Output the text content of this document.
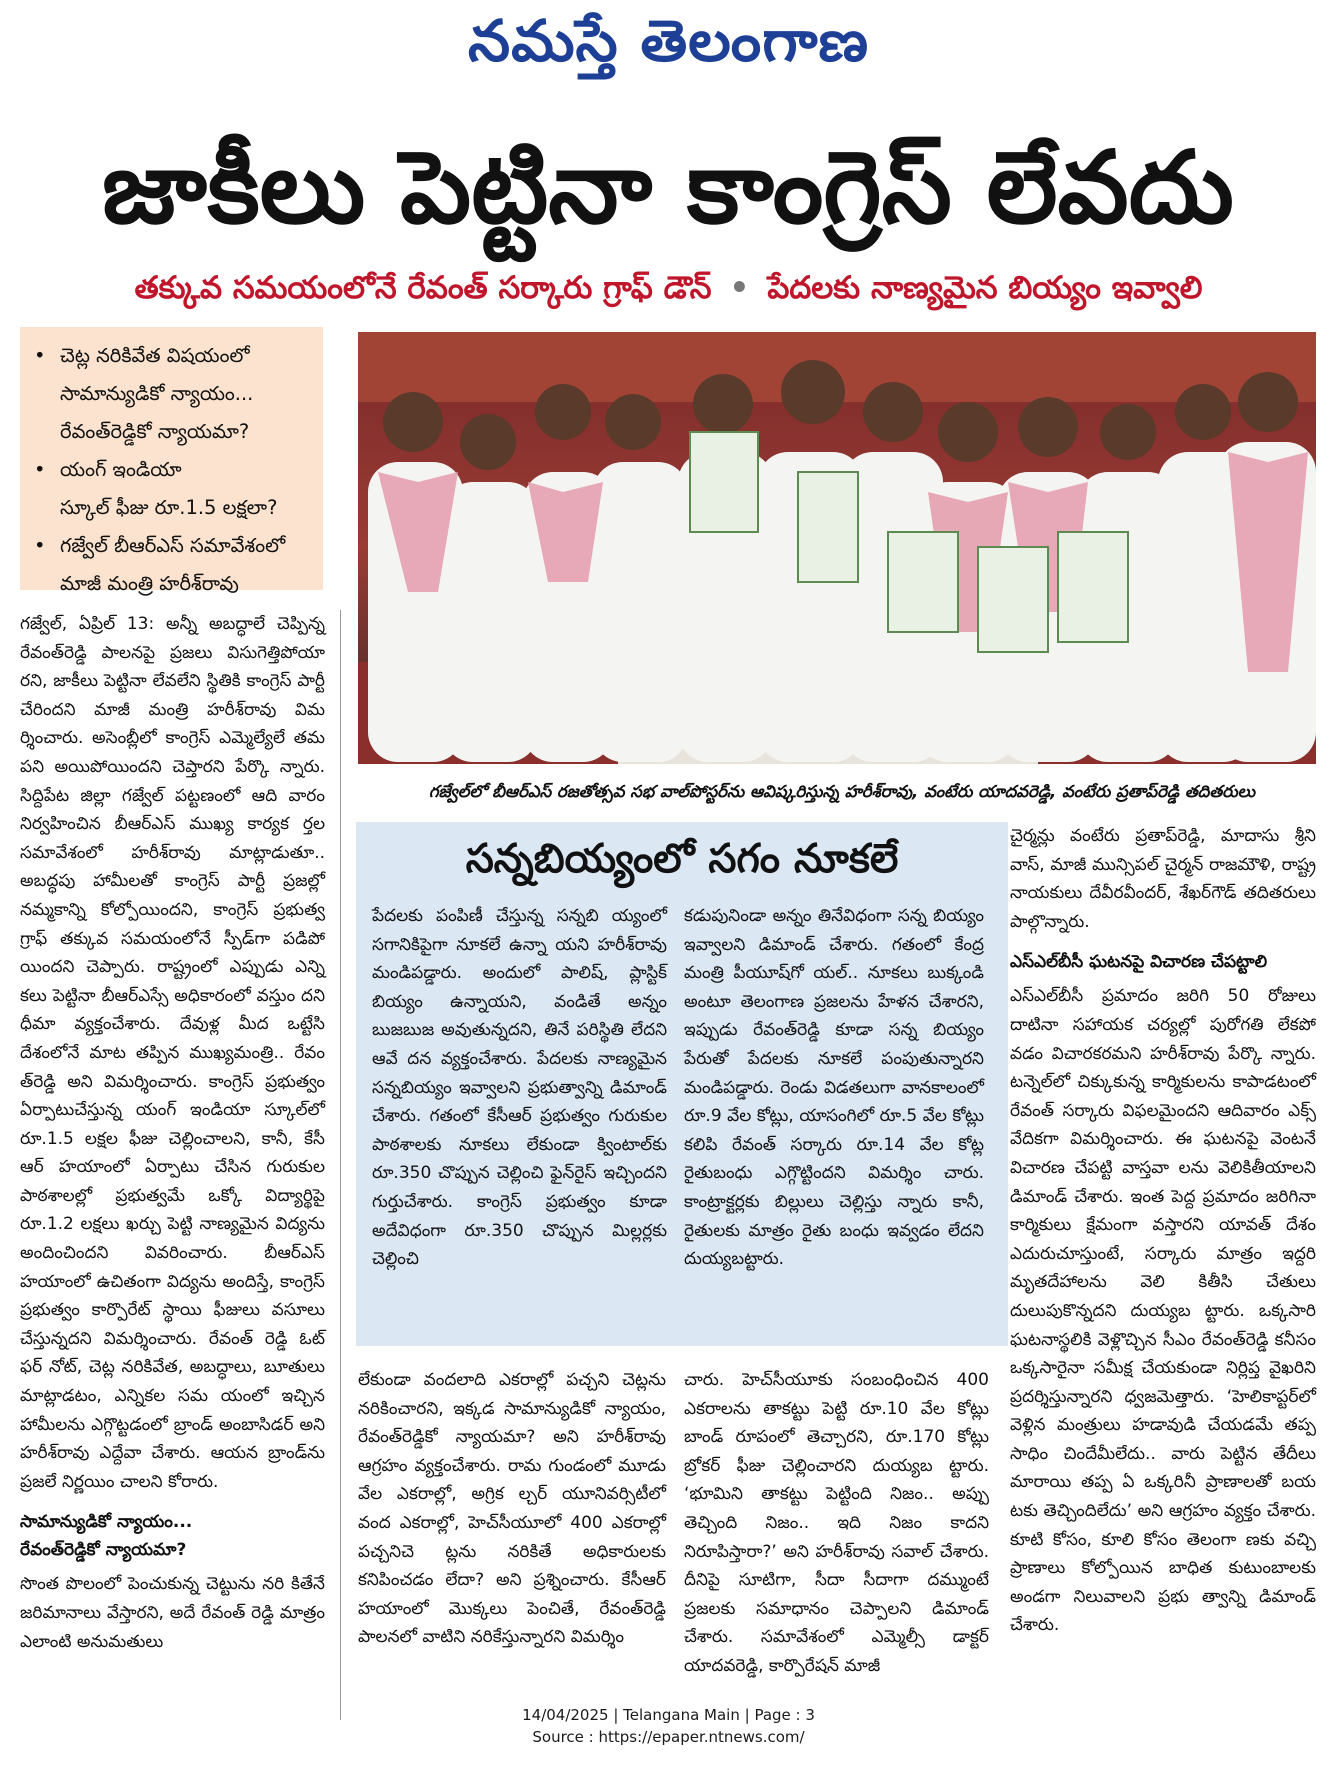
నమస్తే తెలంగాణ
జాకీలు పెట్టినా కాంగ్రెస్ లేవదు
తక్కువ సమయంలోనే రేవంత్ సర్కారు గ్రాఫ్ డౌన్ • పేదలకు నాణ్యమైన బియ్యం ఇవ్వాలి
• చెట్ల నరికివేత విషయంలో
సామాన్యుడికో న్యాయం...
రేవంత్‌రెడ్డికో న్యాయమా?
• యంగ్ ఇండియా
స్కూల్ ఫీజు రూ.1.5 లక్షలా?
• గజ్వేల్ బీఆర్ఎస్ సమావేశంలో
మాజీ మంత్రి హరీశ్‌రావు
గజ్వేల్‌లో బీఆర్ఎస్ రజతోత్సవ సభ వాల్‌పోస్టర్‌ను ఆవిష్కరిస్తున్న హరీశ్‌రావు, వంటేరు యాదవరెడ్డి, వంటేరు ప్రతాప్‌రెడ్డి తదితరులు

గజ్వేల్, ఏప్రిల్ 13: అన్నీ అబద్ధాలే చెప్పిన్న రేవంత్‌రెడ్డి పాలనపై ప్రజలు విసుగెత్తిపోయా రని, జాకీలు పెట్టినా లేవలేని స్థితికి కాంగ్రెస్ పార్టీ చేరిందని మాజీ మంత్రి హరీశ్‌రావు విమ ర్శించారు. అసెంబ్లీలో కాంగ్రెస్ ఎమ్మెల్యేలే తమ పని అయిపోయిందని చెప్తారని పేర్కొ న్నారు. సిద్దిపేట జిల్లా గజ్వేల్ పట్టణంలో ఆది వారం నిర్వహించిన బీఆర్ఎస్ ముఖ్య కార్యక ర్తల సమావేశంలో హరీశ్‌రావు మాట్లాడుతూ.. అబద్ధపు హామీలతో కాంగ్రెస్ పార్టీ ప్రజల్లో నమ్మకాన్ని కోల్పోయిందని, కాంగ్రెస్ ప్రభుత్వ గ్రాఫ్ తక్కువ సమయంలోనే స్పీడ్‌గా పడిపో యిందని చెప్పారు. రాష్ట్రంలో ఎప్పుడు ఎన్ని కలు పెట్టినా బీఆర్ఎస్సే అధికారంలో వస్తుం దని ధీమా వ్యక్తంచేశారు. దేవుళ్ల మీద ఒట్టేసి దేశంలోనే మాట తప్పిన ముఖ్యమంత్రి.. రేవం త్‌రెడ్డి అని విమర్శించారు. కాంగ్రెస్ ప్రభుత్వం ఏర్పాటుచేస్తున్న యంగ్ ఇండియా స్కూల్‌లో రూ.1.5 లక్షల ఫీజు చెల్లించాలని, కానీ, కేసీ ఆర్ హయాంలో ఏర్పాటు చేసిన గురుకుల పాఠశాలల్లో ప్రభుత్వమే ఒక్కో విద్యార్థిపై రూ.1.2 లక్షలు ఖర్చు పెట్టి నాణ్యమైన విద్యను అందించిందని వివరించారు. బీఆర్ఎస్ హయాంలో ఉచితంగా విద్యను అందిస్తే, కాంగ్రెస్ ప్రభుత్వం కార్పొరేట్ స్థాయి ఫీజులు వసూలు చేస్తున్నదని విమర్శించారు. రేవంత్ రెడ్డి ఓట్ ఫర్ నోట్, చెట్ల నరికివేత, అబద్ధాలు, బూతులు మాట్లాడటం, ఎన్నికల సమ యంలో ఇచ్చిన హామీలను ఎగ్గొట్టడంలో బ్రాండ్ అంబాసిడర్ అని హరీశ్‌రావు ఎద్దేవా చేశారు. ఆయన బ్రాండ్‌ను ప్రజలే నిర్ణయిం చాలని కోరారు.

సామాన్యుడికో న్యాయం...

రేవంత్‌రెడ్డికో న్యాయమా?

సొంత పొలంలో పెంచుకున్న చెట్టును నరి కితేనే జరిమానాలు వేస్తారని, అదే రేవంత్ రెడ్డి మాత్రం ఎలాంటి అనుమతులు

సన్నబియ్యంలో సగం నూకలే
పేదలకు పంపిణీ చేస్తున్న సన్నబి య్యంలో సగానికిపైగా నూకలే ఉన్నా యని హరీశ్‌రావు మండిపడ్డారు. అందులో పాలిష్, ప్లాస్టిక్ బియ్యం ఉన్నాయని, వండితే అన్నం బుజబుజ అవుతున్నదని, తినే పరిస్థితి లేదని ఆవే దన వ్యక్తంచేశారు. పేదలకు నాణ్యమైన సన్నబియ్యం ఇవ్వాలని ప్రభుత్వాన్ని డిమాండ్ చేశారు. గతంలో కేసీఆర్ ప్రభుత్వం గురుకుల పాఠశాలకు నూకలు లేకుండా క్వింటాల్‌కు రూ.350 చొప్పున చెల్లించి ఫైన్‌రైస్ ఇచ్చిందని గుర్తుచేశారు. కాంగ్రెస్ ప్రభుత్వం కూడా అదేవిధంగా రూ.350 చొప్పున మిల్లర్లకు చెల్లించి
కడుపునిండా అన్నం తినేవిధంగా సన్న బియ్యం ఇవ్వాలని డిమాండ్ చేశారు. గతంలో కేంద్ర మంత్రి పీయూష్‌గో యల్.. నూకలు బుక్కండి అంటూ తెలంగాణ ప్రజలను హేళన చేశారని, ఇప్పుడు రేవంత్‌రెడ్డి కూడా సన్న బియ్యం పేరుతో పేదలకు నూకలే పంపుతున్నారని మండిపడ్డారు. రెండు విడతలుగా వానకాలంలో రూ.9 వేల కోట్లు, యాసంగిలో రూ.5 వేల కోట్లు కలిపి రేవంత్ సర్కారు రూ.14 వేల కోట్ల రైతుబంధు ఎగ్గొట్టిందని విమర్శిం చారు. కాంట్రాక్టర్లకు బిల్లులు చెల్లిస్తు న్నారు కానీ, రైతులకు మాత్రం రైతు బంధు ఇవ్వడం లేదని దుయ్యబట్టారు.
లేకుండా వందలాది ఎకరాల్లో పచ్చని చెట్లను నరికించారని, ఇక్కడ సామాన్యుడికో న్యాయం, రేవంత్‌రెడ్డికో న్యాయమా? అని హరీశ్‌రావు ఆగ్రహం వ్యక్తంచేశారు. రామ గుండంలో మూడు వేల ఎకరాల్లో, అగ్రిక ల్చర్ యూనివర్సిటీలో వంద ఎకరాల్లో, హెచ్‌సీయూలో 400 ఎకరాల్లో పచ్చనిచె ట్లను నరికితే అధికారులకు కనిపించడం లేదా? అని ప్రశ్నించారు. కేసీఆర్ హయాంలో మొక్కలు పెంచితే, రేవంత్‌రెడ్డి పాలనలో వాటిని నరికేస్తున్నారని విమర్శిం
చారు. హెచ్‌సీయూకు సంబంధించిన 400 ఎకరాలను తాకట్టు పెట్టి రూ.10 వేల కోట్లు బాండ్ రూపంలో తెచ్చారని, రూ.170 కోట్లు బ్రోకర్ ఫీజు చెల్లించారని దుయ్యబ ట్టారు. ‘భూమిని తాకట్టు పెట్టింది నిజం.. అప్పు తెచ్చింది నిజం.. ఇది నిజం కాదని నిరూపిస్తారా?’ అని హరీశ్‌రావు సవాల్ చేశారు. దీనిపై సూటిగా, సీదా సీదాగా దమ్ముంటే ప్రజలకు సమాధానం చెప్పాలని డిమాండ్ చేశారు. సమావేశంలో ఎమ్మెల్సీ డాక్టర్ యాదవరెడ్డి, కార్పొరేషన్ మాజీ

చైర్మన్లు వంటేరు ప్రతాప్‌రెడ్డి, మాదాసు శ్రీని వాస్, మాజీ మున్సిపల్ చైర్మన్ రాజమౌళి, రాష్ట్ర నాయకులు దేవీరవీందర్, శేఖర్‌గౌడ్ తదితరులు పాల్గొన్నారు.

ఎస్ఎల్‌బీసీ ఘటనపై విచారణ చేపట్టాలి

ఎస్ఎల్‌బీసీ ప్రమాదం జరిగి 50 రోజులు దాటినా సహాయక చర్యల్లో పురోగతి లేకపో వడం విచారకరమని హరీశ్‌రావు పేర్కొ న్నారు. టన్నెల్‌లో చిక్కుకున్న కార్మికులను కాపాడటంలో రేవంత్ సర్కారు విఫలమైందని ఆదివారం ఎక్స్ వేదికగా విమర్శించారు. ఈ ఘటనపై వెంటనే విచారణ చేపట్టి వాస్తవా లను వెలికితీయాలని డిమాండ్ చేశారు. ఇంత పెద్ద ప్రమాదం జరిగినా కార్మికులు క్షేమంగా వస్తారని యావత్ దేశం ఎదురుచూస్తుంటే, సర్కారు మాత్రం ఇద్దరి మృతదేహాలను వెలి కితీసి చేతులు దులుపుకొన్నదని దుయ్యబ ట్టారు. ఒక్కసారి ఘటనాస్థలికి వెళ్లొచ్చిన సీఎం రేవంత్‌రెడ్డి కనీసం ఒక్కసారైనా సమీక్ష చేయకుండా నిర్లిప్త వైఖరిని ప్రదర్శిస్తున్నారని ధ్వజమెత్తారు. ‘హెలికాప్టర్‌లో వెళ్లిన మంత్రులు హడావుడి చేయడమే తప్ప సాధిం చిందేమీలేదు.. వారు పెట్టిన తేదీలు మారాయి తప్ప ఏ ఒక్కరినీ ప్రాణాలతో బయ టకు తెచ్చిందిలేదు’ అని ఆగ్రహం వ్యక్తం చేశారు. కూటి కోసం, కూలి కోసం తెలంగా ణకు వచ్చి ప్రాణాలు కోల్పోయిన బాధిత కుటుంబాలకు అండగా నిలువాలని ప్రభు త్వాన్ని డిమాండ్ చేశారు.

14/04/2025 | Telangana Main | Page : 3
Source : https://epaper.ntnews.com/
